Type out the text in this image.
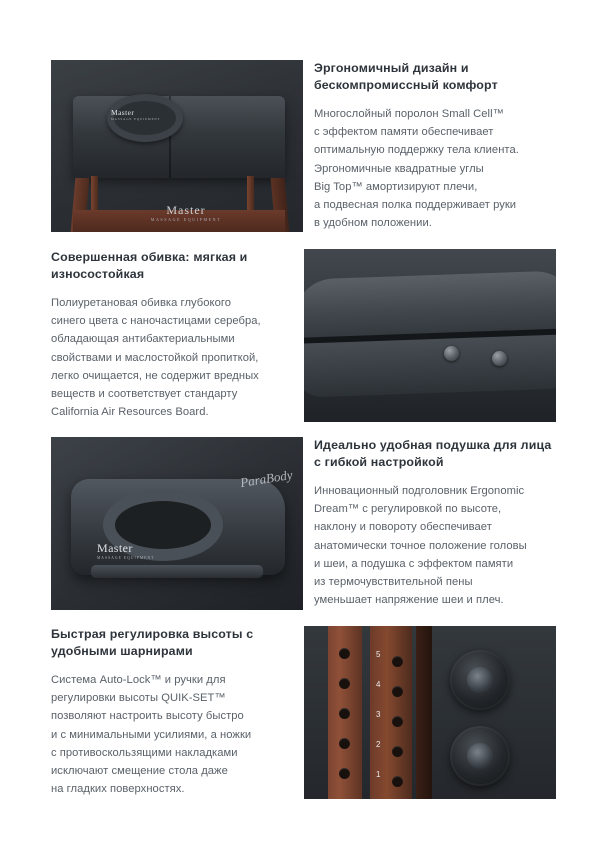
Master
MASSAGE EQUIPMENT
Master
MASSAGE EQUIPMENT
Эргономичный дизайн и бескомпромиссный комфорт

Многослойный поролон Small Cell™
с эффектом памяти обеспечивает
оптимальную поддержку тела клиента.
Эргономичные квадратные углы
Big Top™ амортизируют плечи,
а подвесная полка поддерживает руки
в удобном положении.

Совершенная обивка: мягкая и износостойкая

Полиуретановая обивка глубокого
синего цвета с наночастицами серебра,
обладающая антибактериальными
свойствами и маслостойкой пропиткой,
легко очищается, не содержит вредных
веществ и соответствует стандарту
California Air Resources Board.

Master
MASSAGE EQUIPMENT
ParaBody
Идеально удобная подушка для лица с гибкой настройкой

Инновационный подголовник Ergonomic
Dream™ с регулировкой по высоте,
наклону и повороту обеспечивает
анатомически точное положение головы
и шеи, а подушка с эффектом памяти
из термочувствительной пены
уменьшает напряжение шеи и плеч.

Быстрая регулировка высоты с удобными шарнирами

Система Auto-Lock™ и ручки для
регулировки высоты QUIK-SET™
позволяют настроить высоту быстро
и с минимальными усилиями, а ножки
с противоскользящими накладками
исключают смещение стола даже
на гладких поверхностях.

5
4
3
2
1
